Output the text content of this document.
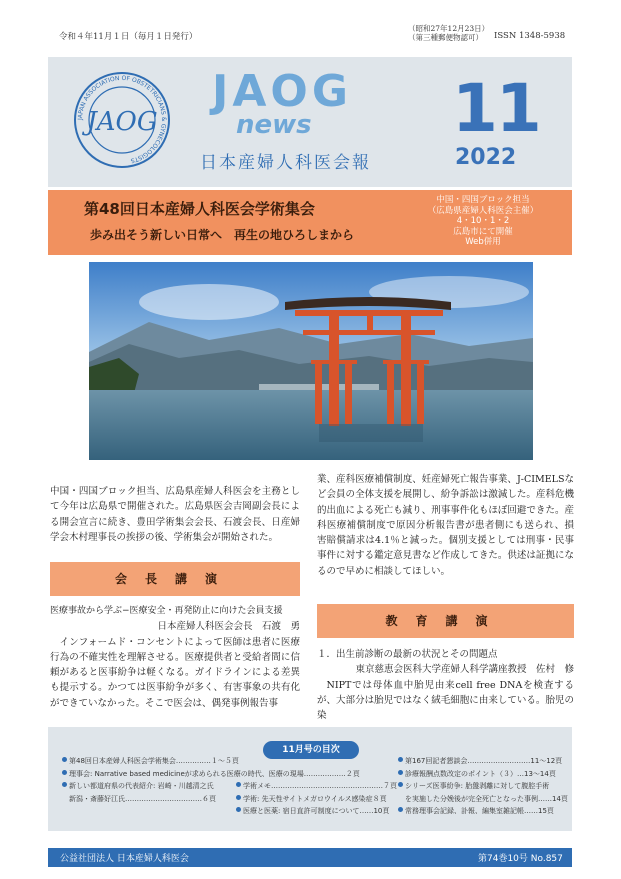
令和４年11月１日（毎月１日発行）
（昭和27年12月23日）
（第三種郵便物認可）	ISSN 1348-5938
JAPAN ASSOCIATION OF OBSTETRICIANS & GYNECOLOGISTS
JAOG
JAOG
news
日本産婦人科医会報
11
2022
第48回日本産婦人科医会学術集会
歩み出そう新しい日常へ　再生の地ひろしまから
中国・四国ブロック担当
（広島県産婦人科医会主催）
4・10・1・2
広島市にて開催
Web併用
中国・四国ブロック担当、広島県産婦人科医会を主務として今年は広島県で開催された。広島県医会吉岡副会長による開会宣言に続き、豊田学術集会会長、石渡会長、日産婦学会木村理事長の挨拶の後、学術集会が開始された。
業、産科医療補償制度、妊産婦死亡報告事業、J-CIMELSなど会員の全体支援を展開し、紛争訴訟は激減した。産科危機的出血による死亡も減り、刑事事件化もほぼ回避できた。産科医療補償制度で原因分析報告書が患者側にも送られ、損害賠償請求は4.1％と減った。個別支援としては刑事・民事事件に対する鑑定意見書など作成してきた。供述は証拠になるので早めに相談してほしい。
会長講演
医療事故から学ぶ−医療安全・再発防止に向けた会員支援
日本産婦人科医会会長　石渡　勇
インフォームド・コンセントによって医師は患者に医療行為の不確実性を理解させる。医療提供者と受給者間に信頼があると医事紛争は軽くなる。ガイドラインによる差異も提示する。かつては医事紛争が多く、有害事象の共有化ができていなかった。そこで医会は、偶発事例報告事
教育講演
１．出生前診断の最新の状況とその問題点
東京慈恵会医科大学産婦人科学講座教授　佐村　修
NIPTでは母体血中胎児由来cell free DNAを検査するが、大部分は胎児ではなく絨毛細胞に由来している。胎児の染
11月号の目次
第48回日本産婦人科医会学術集会……………１〜５頁
理事会: Narrative based medicineが求められる医療の時代、医療の現場………………２頁
新しい都道府県の代表紹介: 岩崎・川越清之氏
新潟・斎藤好江氏……………………………６頁
学術メモ…………………………………………７頁
学術: 先天性サイトメガロウイルス感染症８頁
医療と医薬: 宿日直許可制度について……10頁
第167回記者懇談会………………………11〜12頁
診療報酬点数改定のポイント（３）…13〜14頁
シリーズ医事紛争: 胎盤剥離に対して腹腔手術
を実施した分娩後が完全死亡となった事例……14頁
常務理事会記録、訃報、編集室雑記帳……15頁
公益社団法人 日本産婦人科医会	第74巻10号 No.857
